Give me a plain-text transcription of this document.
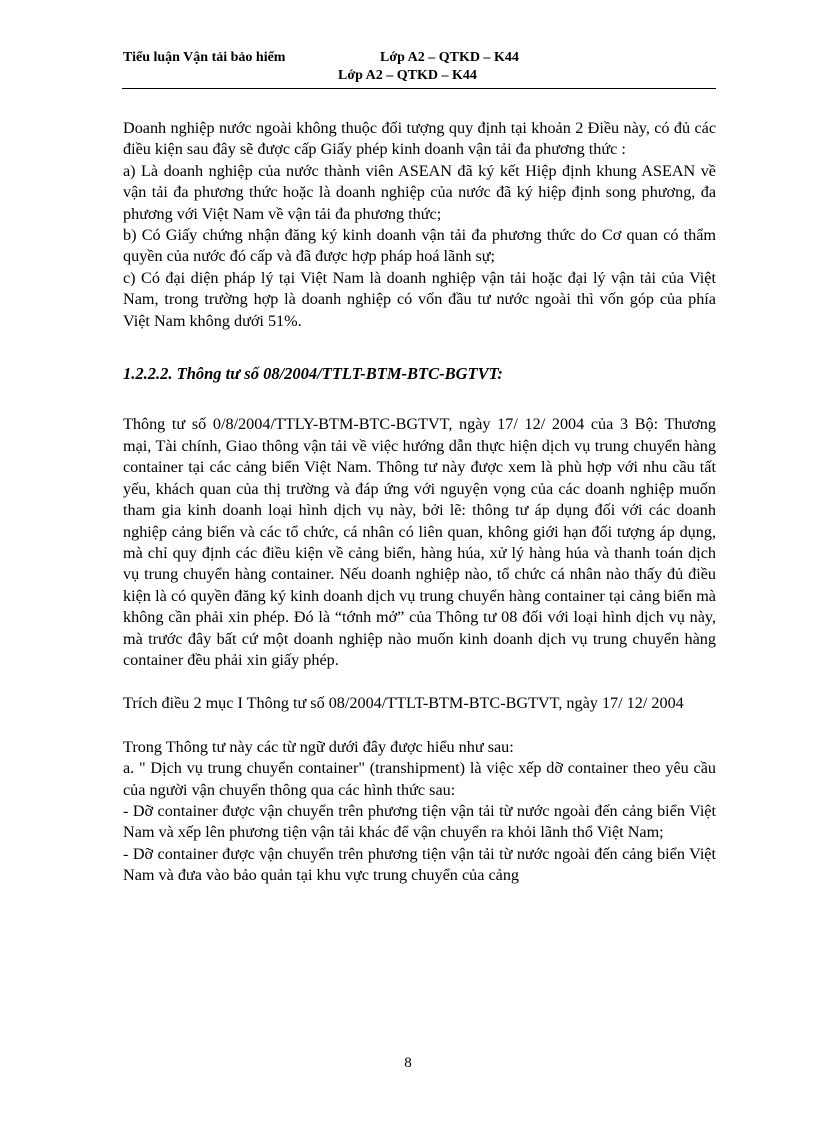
Tiểu luận Vận tải bảo hiểm	Lớp A2 – QTKD – K44
Lớp A2 – QTKD – K44

Doanh nghiệp nước ngoài không thuộc đối tượng quy định tại khoản 2 Điều này, có đủ các điều kiện sau đây sẽ được cấp Giấy phép kinh doanh vận tải đa phương thức :

a) Là doanh nghiệp của nước thành viên ASEAN đã ký kết Hiệp định khung ASEAN về vận tải đa phương thức hoặc là doanh nghiệp của nước đã ký hiệp định song phương, đa phương với Việt Nam về vận tải đa phương thức;

b) Có Giấy chứng nhận đăng ký kinh doanh vận tải đa phương thức do Cơ quan có thẩm quyền của nước đó cấp và đã được hợp pháp hoá lãnh sự;

c) Có đại diện pháp lý tại Việt Nam là doanh nghiệp vận tải hoặc đại lý vận tải của Việt Nam, trong trường hợp là doanh nghiệp có vốn đầu tư nước ngoài thì vốn góp của phía Việt Nam không dưới 51%.

1.2.2.2. Thông tư số 08/2004/TTLT-BTM-BTC-BGTVT:

Thông tư số 0/8/2004/TTLY-BTM-BTC-BGTVT, ngày 17/ 12/ 2004 của 3 Bộ: Thương mại, Tài chính, Giao thông vận tải về việc hướng dẫn thực hiện dịch vụ trung chuyển hàng container tại các cảng biển Việt Nam. Thông tư này được xem là phù hợp với nhu cầu tất yếu, khách quan của thị trường và đáp ứng với nguyện vọng của các doanh nghiệp muốn tham gia kinh doanh loại hình dịch vụ này, bởi lẽ: thông tư áp dụng đối với các doanh nghiệp cảng biển và các tổ chức, cá nhân có liên quan, không giới hạn đối tượng áp dụng, mà chỉ quy định các điều kiện về cảng biển, hàng húa, xử lý hàng húa và thanh toán dịch vụ trung chuyển hàng container. Nếu doanh nghiệp nào, tổ chức cá nhân nào thấy đủ điều kiện là có quyền đăng ký kinh doanh dịch vụ trung chuyển hàng container tại cảng biển mà không cần phải xin phép. Đó là “tớnh mở” của Thông tư 08 đối với loại hình dịch vụ này, mà trước đây bất cứ một doanh nghiệp nào muốn kinh doanh dịch vụ trung chuyển hàng container đều phải xin giấy phép.

Trích điều 2 mục I Thông tư số 08/2004/TTLT-BTM-BTC-BGTVT, ngày 17/ 12/ 2004

Trong Thông tư này các từ ngữ dưới đây được hiểu như sau:

a. " Dịch vụ trung chuyển container" (transhipment) là việc xếp dỡ container theo yêu cầu của người vận chuyển thông qua các hình thức sau:

- Dỡ container được vận chuyển trên phương tiện vận tải từ nước ngoài đến cảng biển Việt Nam và xếp lên phương tiện vận tải khác để vận chuyển ra khỏi lãnh thổ Việt Nam;

- Dỡ container được vận chuyển trên phương tiện vận tải từ nước ngoài đến cảng biển Việt Nam và đưa vào bảo quản tại khu vực trung chuyển của cảng

8
